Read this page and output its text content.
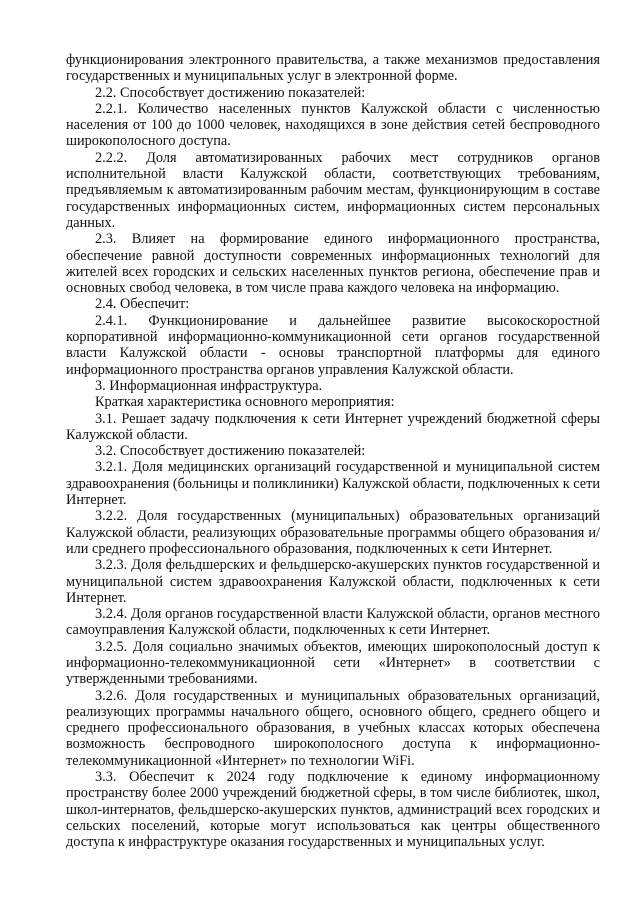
функционирования электронного правительства, а также механизмов предоставления государственных и муниципальных услуг в электронной форме.

2.2. Способствует достижению показателей:

2.2.1. Количество населенных пунктов Калужской области с численностью населения от 100 до 1000 человек, находящихся в зоне действия сетей беспроводного широкополосного доступа.

2.2.2. Доля автоматизированных рабочих мест сотрудников органов исполнительной власти Калужской области, соответствующих требованиям, предъявляемым к автоматизированным рабочим местам, функционирующим в составе государственных информационных систем, информационных систем персональных данных.

2.3. Влияет на формирование единого информационного пространства, обеспечение равной доступности современных информационных технологий для жителей всех городских и сельских населенных пунктов региона, обеспечение прав и основных свобод человека, в том числе права каждого человека на информацию.

2.4. Обеспечит:

2.4.1. Функционирование и дальнейшее развитие высокоскоростной корпоративной информационно-коммуникационной сети органов государственной власти Калужской области - основы транспортной платформы для единого информационного пространства органов управления Калужской области.

3. Информационная инфраструктура.

Краткая характеристика основного мероприятия:

3.1. Решает задачу подключения к сети Интернет учреждений бюджетной сферы Калужской области.

3.2. Способствует достижению показателей:

3.2.1. Доля медицинских организаций государственной и муниципальной систем здравоохранения (больницы и поликлиники) Калужской области, подключенных к сети Интернет.

3.2.2. Доля государственных (муниципальных) образовательных организаций Калужской области, реализующих образовательные программы общего образования и/или среднего профессионального образования, подключенных к сети Интернет.

3.2.3. Доля фельдшерских и фельдшерско-акушерских пунктов государственной и муниципальной систем здравоохранения Калужской области, подключенных к сети Интернет.

3.2.4. Доля органов государственной власти Калужской области, органов местного самоуправления Калужской области, подключенных к сети Интернет.

3.2.5. Доля социально значимых объектов, имеющих широкополосный доступ к информационно-телекоммуникационной сети «Интернет» в соответствии с утвержденными требованиями.

3.2.6. Доля государственных и муниципальных образовательных организаций, реализующих программы начального общего, основного общего, среднего общего и среднего профессионального образования, в учебных классах которых обеспечена возможность беспроводного широкополосного доступа к информационно-телекоммуникационной «Интернет» по технологии WiFi.

3.3. Обеспечит к 2024 году подключение к единому информационному пространству более 2000 учреждений бюджетной сферы, в том числе библиотек, школ, школ-интернатов, фельдшерско-акушерских пунктов, администраций всех городских и сельских поселений, которые могут использоваться как центры общественного доступа к инфраструктуре оказания государственных и муниципальных услуг.
